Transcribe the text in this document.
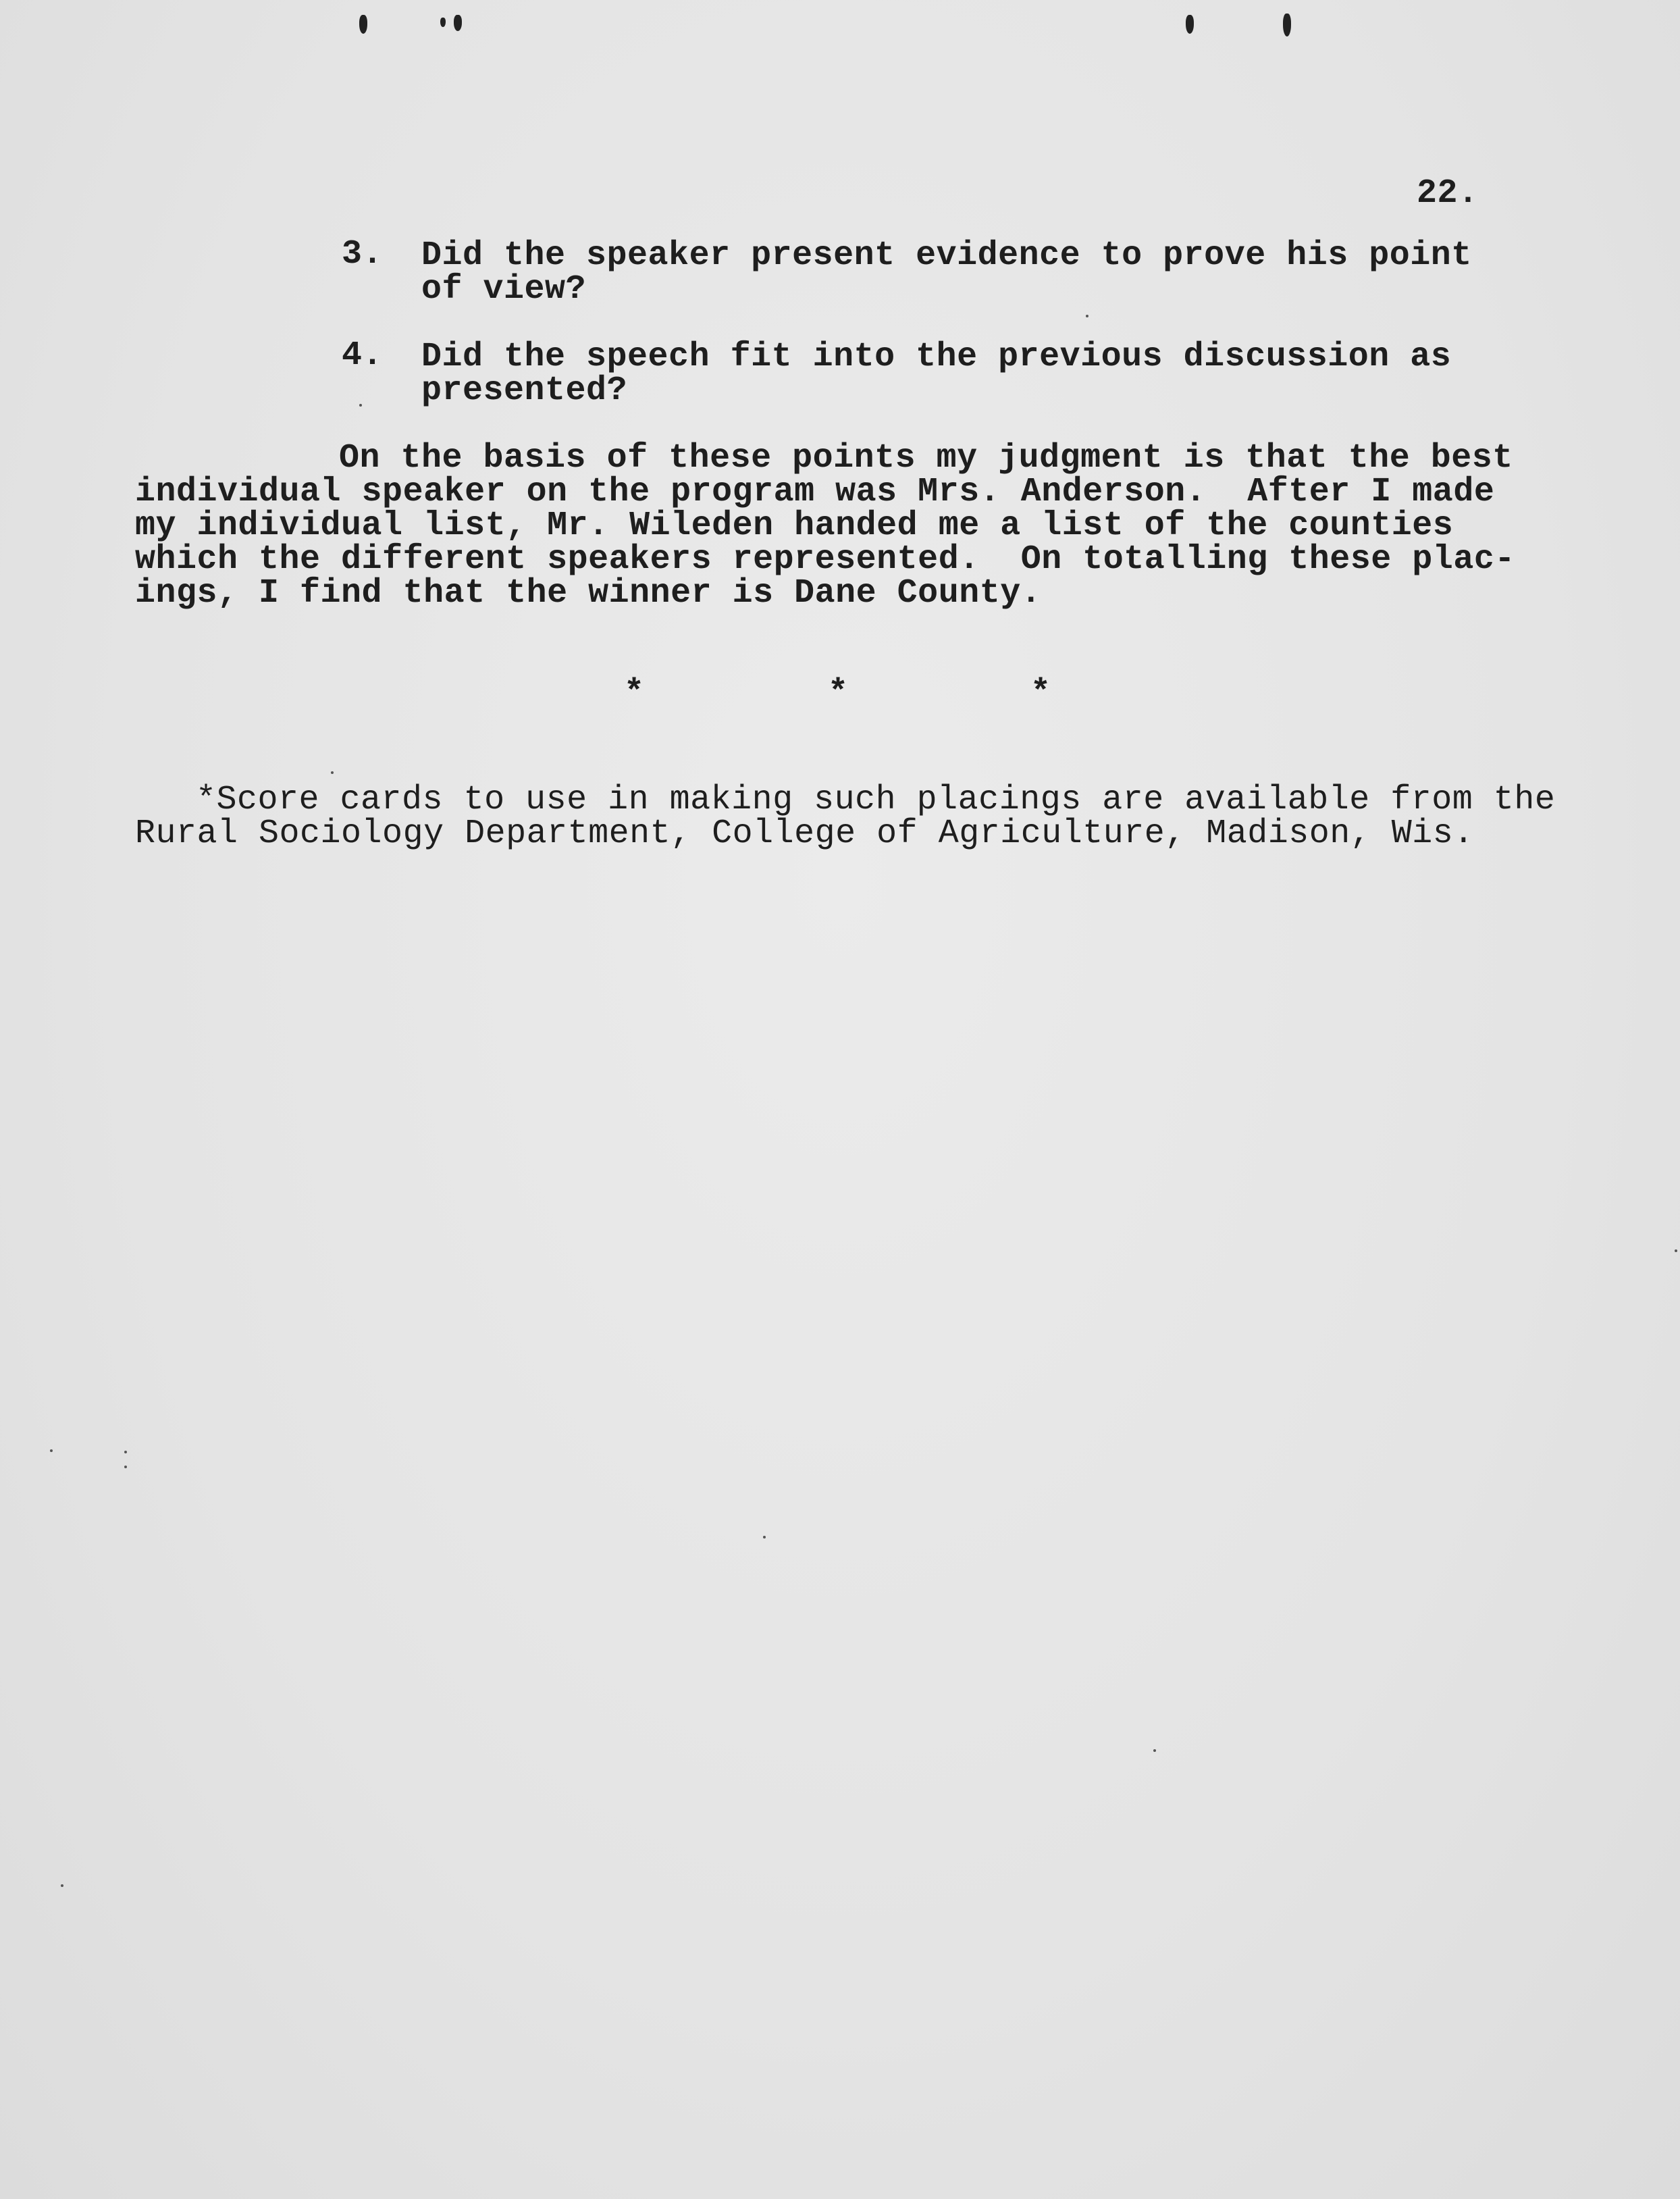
22.
3. Did the speaker present evidence to prove his point
of view?
4. Did the speech fit into the previous discussion as
presented?
On the basis of these points my judgment is that the best
individual speaker on the program was Mrs. Anderson.  After I made
my individual list, Mr. Wileden handed me a list of the counties
which the different speakers represented.  On totalling these plac-
ings, I find that the winner is Dane County.
*	*	*
*Score cards to use in making such placings are available from the
Rural Sociology Department, College of Agriculture, Madison, Wis.
